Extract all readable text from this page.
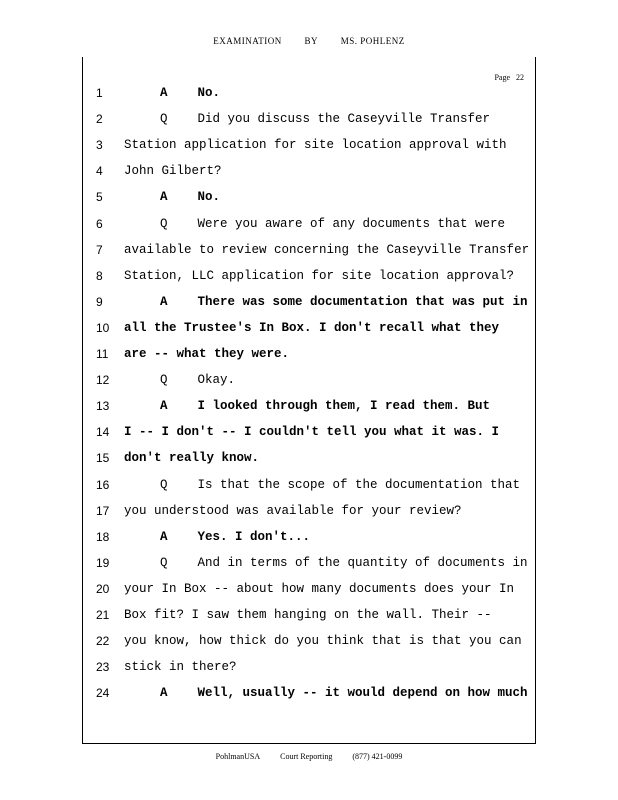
EXAMINATION	BY	MS. POHLENZ
Page 22
1	A    No.
2	Q    Did you discuss the Caseyville Transfer
3	Station application for site location approval with
4	John Gilbert?
5	A    No.
6	Q    Were you aware of any documents that were
7	available to review concerning the Caseyville Transfer
8	Station, LLC application for site location approval?
9	A    There was some documentation that was put in
10 all the Trustee's In Box. I don't recall what they
11 are -- what they were.
12	Q    Okay.
13	A    I looked through them, I read them. But
14 I -- I don't -- I couldn't tell you what it was. I
15 don't really know.
16	Q    Is that the scope of the documentation that
17 you understood was available for your review?
18	A    Yes. I don't...
19	Q    And in terms of the quantity of documents in
20 your In Box -- about how many documents does your In
21 Box fit? I saw them hanging on the wall. Their --
22 you know, how thick do you think that is that you can
23 stick in there?
24	A    Well, usually -- it would depend on how much
PohlmanUSA	Court Reporting	(877) 421-0099
